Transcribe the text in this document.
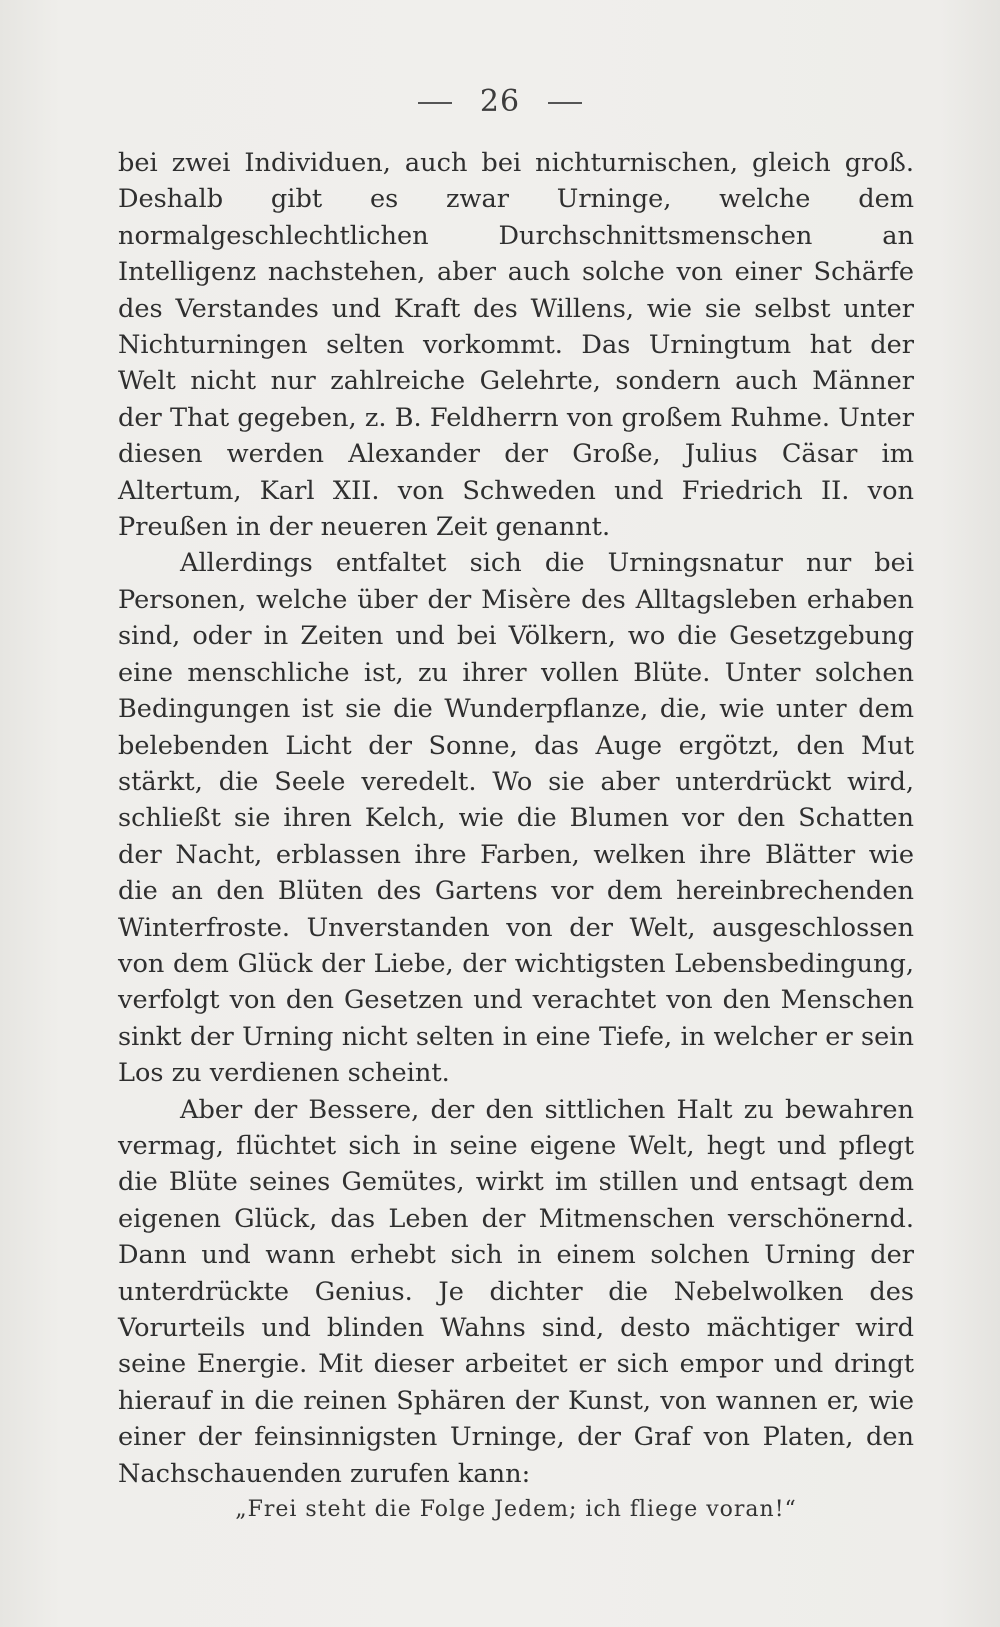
26

bei zwei Individuen, auch bei nichturnischen, gleich groß. Deshalb gibt es zwar Urninge, welche dem normalgeschlechtlichen Durchschnittsmenschen an Intelligenz nachstehen, aber auch solche von einer Schärfe des Verstandes und Kraft des Willens, wie sie selbst unter Nichturningen selten vorkommt. Das Urningtum hat der Welt nicht nur zahlreiche Gelehrte, sondern auch Männer der That gegeben, z. B. Feldherrn von großem Ruhme. Unter diesen werden Alexander der Große, Julius Cäsar im Altertum, Karl XII. von Schweden und Friedrich II. von Preußen in der neueren Zeit genannt.

Allerdings entfaltet sich die Urningsnatur nur bei Personen, welche über der Misère des Alltagsleben erhaben sind, oder in Zeiten und bei Völkern, wo die Gesetzgebung eine menschliche ist, zu ihrer vollen Blüte. Unter solchen Bedingungen ist sie die Wunderpflanze, die, wie unter dem belebenden Licht der Sonne, das Auge ergötzt, den Mut stärkt, die Seele veredelt. Wo sie aber unterdrückt wird, schließt sie ihren Kelch, wie die Blumen vor den Schatten der Nacht, erblassen ihre Farben, welken ihre Blätter wie die an den Blüten des Gartens vor dem hereinbrechenden Winterfroste. Unverstanden von der Welt, ausgeschlossen von dem Glück der Liebe, der wichtigsten Lebensbedingung, verfolgt von den Gesetzen und verachtet von den Menschen sinkt der Urning nicht selten in eine Tiefe, in welcher er sein Los zu verdienen scheint.

Aber der Bessere, der den sittlichen Halt zu bewahren vermag, flüchtet sich in seine eigene Welt, hegt und pflegt die Blüte seines Gemütes, wirkt im stillen und entsagt dem eigenen Glück, das Leben der Mitmenschen verschönernd. Dann und wann erhebt sich in einem solchen Urning der unterdrückte Genius. Je dichter die Nebelwolken des Vorurteils und blinden Wahns sind, desto mächtiger wird seine Energie. Mit dieser arbeitet er sich empor und dringt hierauf in die reinen Sphären der Kunst, von wannen er, wie einer der feinsinnigsten Urninge, der Graf von Platen, den Nachschauenden zurufen kann:

„Frei steht die Folge Jedem; ich fliege voran!“
